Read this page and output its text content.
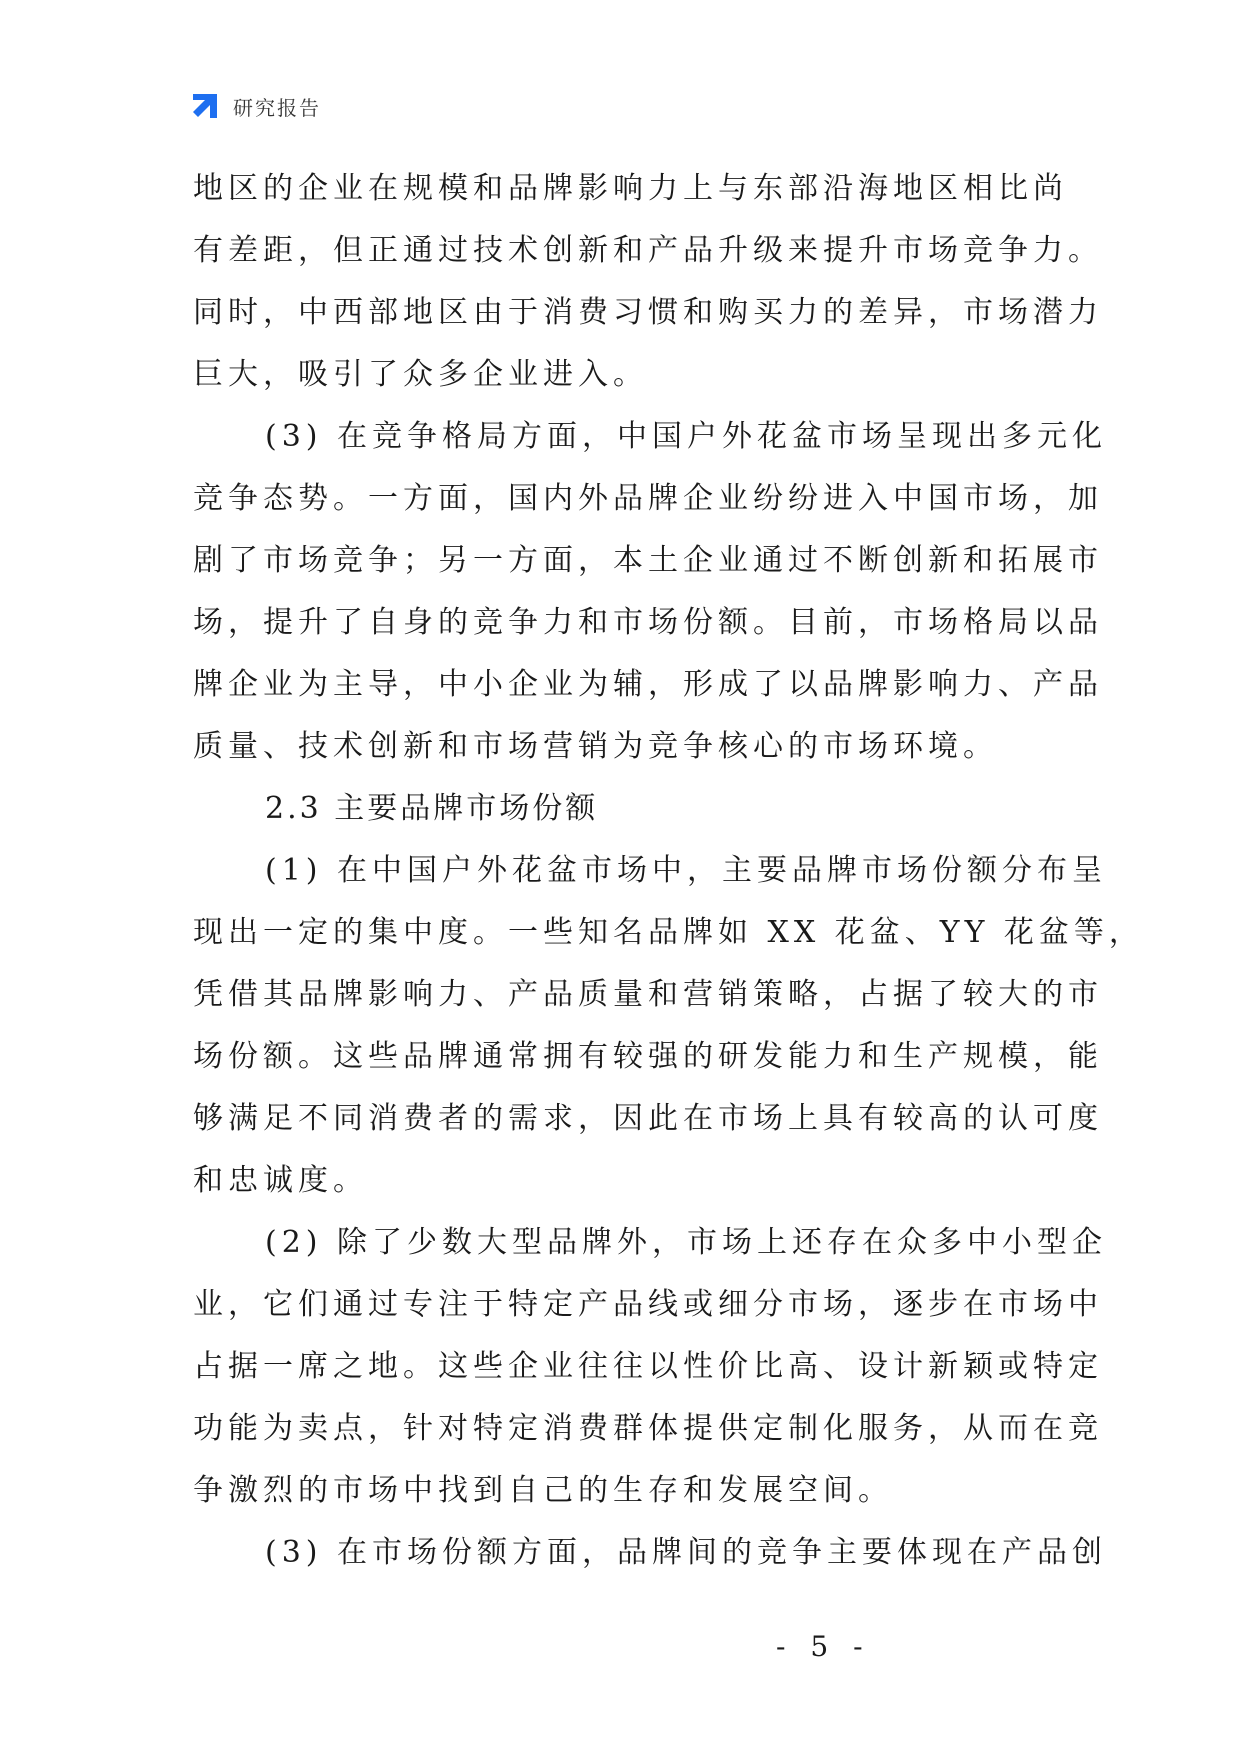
研究报告
地区的企业在规模和品牌影响力上与东部沿海地区相比尚
有差距，但正通过技术创新和产品升级来提升市场竞争力。
同时，中西部地区由于消费习惯和购买力的差异，市场潜力
巨大，吸引了众多企业进入。
(3) 在竞争格局方面，中国户外花盆市场呈现出多元化
竞争态势。一方面，国内外品牌企业纷纷进入中国市场，加
剧了市场竞争；另一方面，本土企业通过不断创新和拓展市
场，提升了自身的竞争力和市场份额。目前，市场格局以品
牌企业为主导，中小企业为辅，形成了以品牌影响力、产品
质量、技术创新和市场营销为竞争核心的市场环境。
2.3 主要品牌市场份额
(1) 在中国户外花盆市场中，主要品牌市场份额分布呈
现出一定的集中度。一些知名品牌如 XX 花盆、YY 花盆等，
凭借其品牌影响力、产品质量和营销策略，占据了较大的市
场份额。这些品牌通常拥有较强的研发能力和生产规模，能
够满足不同消费者的需求，因此在市场上具有较高的认可度
和忠诚度。
(2) 除了少数大型品牌外，市场上还存在众多中小型企
业，它们通过专注于特定产品线或细分市场，逐步在市场中
占据一席之地。这些企业往往以性价比高、设计新颖或特定
功能为卖点，针对特定消费群体提供定制化服务，从而在竞
争激烈的市场中找到自己的生存和发展空间。
(3) 在市场份额方面，品牌间的竞争主要体现在产品创
- 5 -
